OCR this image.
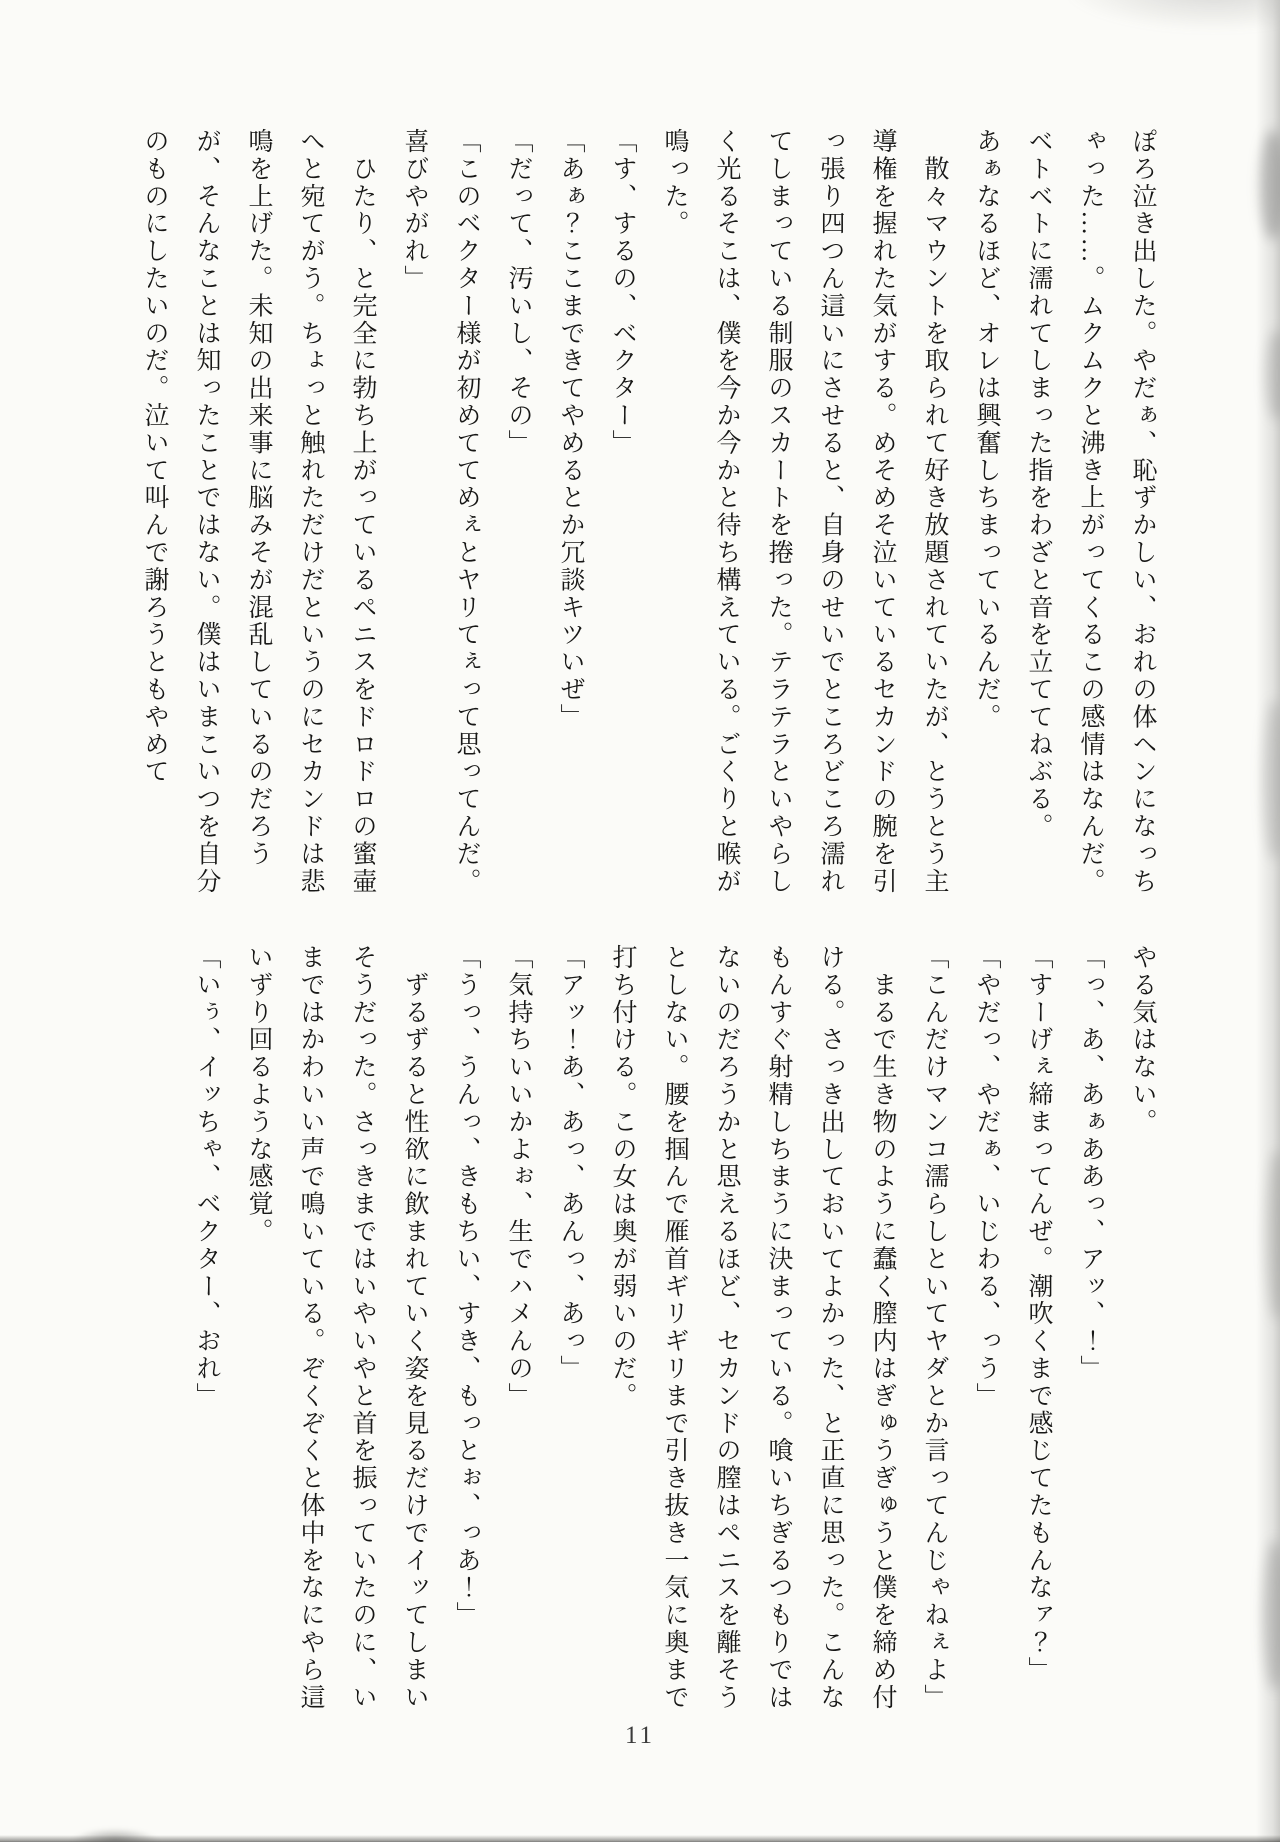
ぽろ泣き出した。やだぁ、恥ずかしい、おれの体ヘンになっちゃった……。ムクムクと沸き上がってくるこの感情はなんだ。ベトベトに濡れてしまった指をわざと音を立ててねぶる。

あぁなるほど、オレは興奮しちまっているんだ。

　散々マウントを取られて好き放題されていたが、とうとう主導権を握れた気がする。めそめそ泣いているセカンドの腕を引っ張り四つん這いにさせると、自身のせいでところどころ濡れてしまっている制服のスカートを捲った。テラテラといやらしく光るそこは、僕を今か今かと待ち構えている。ごくりと喉が鳴った。

「す、するの、ベクター」

「あぁ？ここまできてやめるとか冗談キツいぜ」

「だって、汚いし、その」

「このベクター様が初めててめぇとヤリてぇって思ってんだ。喜びやがれ」

　ひたり、と完全に勃ち上がっているペニスをドロドロの蜜壷へと宛てがう。ちょっと触れただけだというのにセカンドは悲鳴を上げた。未知の出来事に脳みそが混乱しているのだろうが、そんなことは知ったことではない。僕はいまこいつを自分のものにしたいのだ。泣いて叫んで謝ろうともやめて

やる気はない。

「っ、あ、あぁああっ、アッ、！」

「すーげぇ締まってんぜ。潮吹くまで感じてたもんなァ？」

「やだっ、やだぁ、いじわる、っう」

「こんだけマンコ濡らしといてヤダとか言ってんじゃねぇよ」

　まるで生き物のように蠢く膣内はぎゅうぎゅうと僕を締め付ける。さっき出しておいてよかった、と正直に思った。こんなもんすぐ射精しちまうに決まっている。喰いちぎるつもりではないのだろうかと思えるほど、セカンドの膣はペニスを離そうとしない。腰を掴んで雁首ギリギリまで引き抜き一気に奥まで打ち付ける。この女は奥が弱いのだ。

「アッ！あ、あっ、あんっ、あっ」

「気持ちいいかよぉ、生でハメんの」

「うっ、うんっ、きもちい、すき、もっとぉ、っあ！」

　ずるずると性欲に飲まれていく姿を見るだけでイッてしまいそうだった。さっきまではいやいやと首を振っていたのに、いまではかわいい声で鳴いている。ぞくぞくと体中をなにやら這いずり回るような感覚。

「いぅ、イッちゃ、ベクター、おれ」

11
